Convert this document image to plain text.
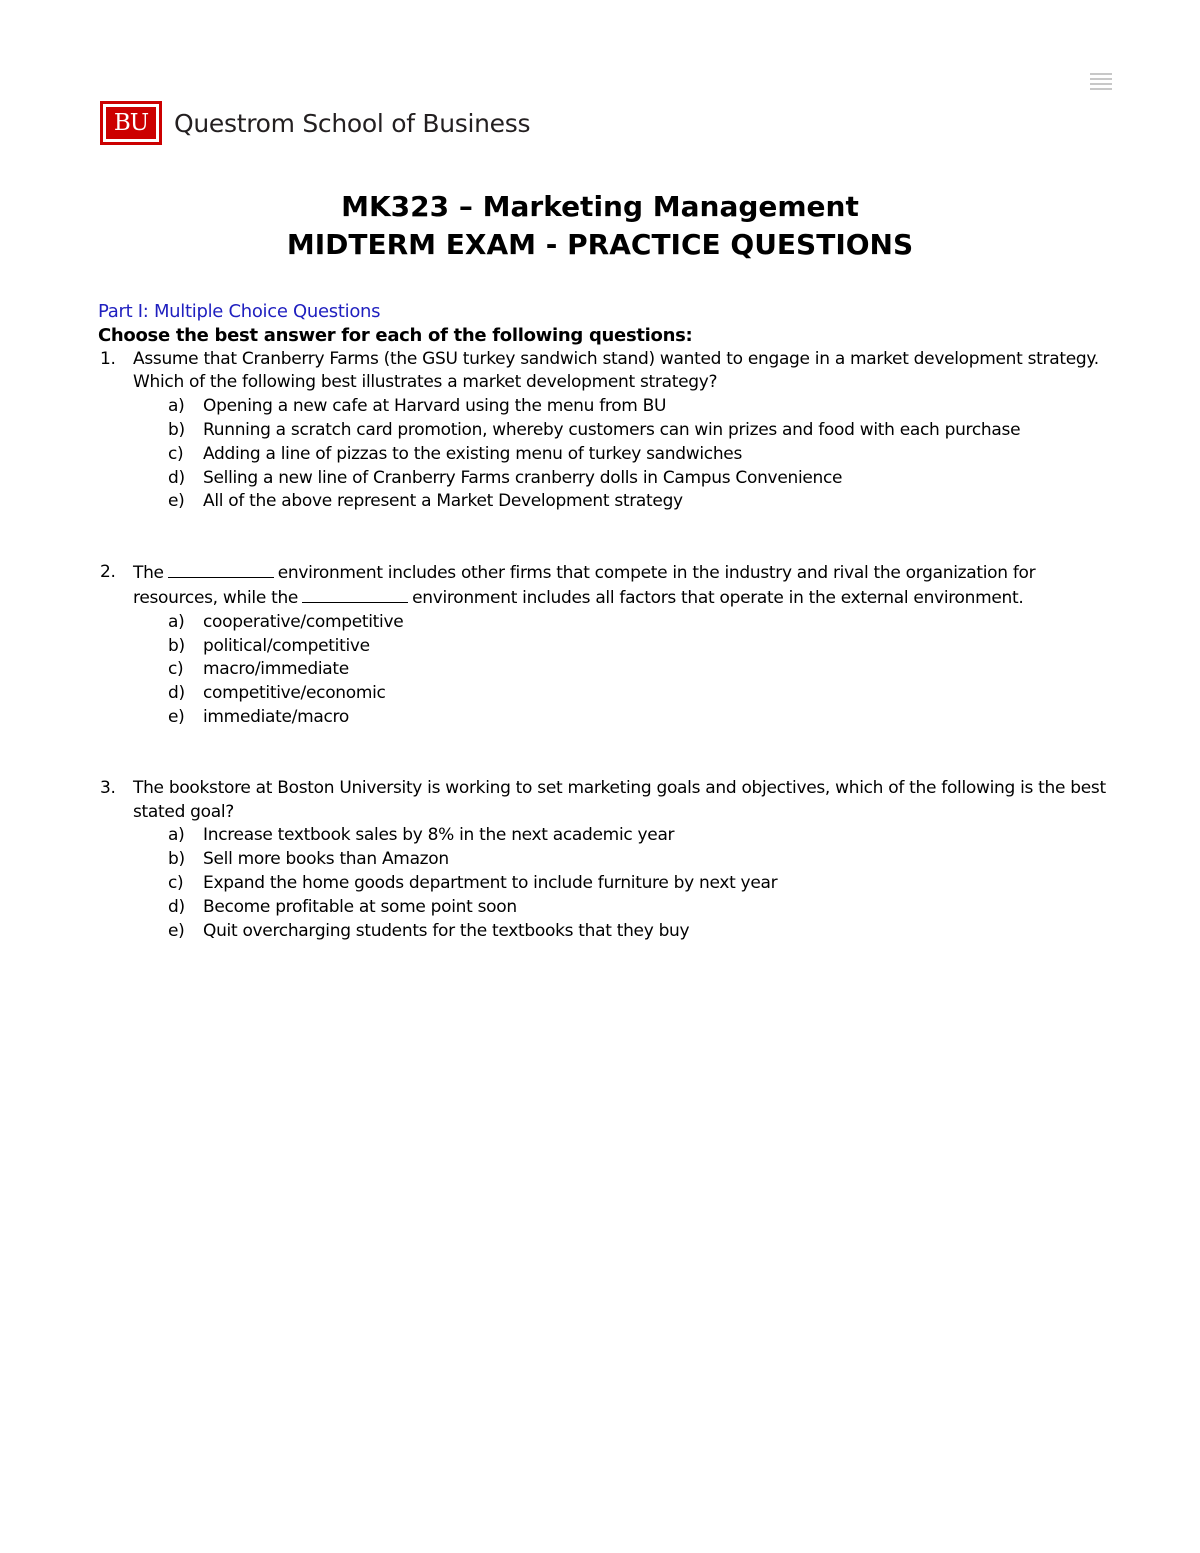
BU	Questrom School of Business
MK323 – Marketing Management
MIDTERM EXAM - PRACTICE QUESTIONS
Part I: Multiple Choice Questions
Choose the best answer for each of the following questions:
1. Assume that Cranberry Farms (the GSU turkey sandwich stand) wanted to engage in a market development strategy. Which of the following best illustrates a market development strategy?
a) Opening a new cafe at Harvard using the menu from BU
b) Running a scratch card promotion, whereby customers can win prizes and food with each purchase
c) Adding a line of pizzas to the existing menu of turkey sandwiches
d) Selling a new line of Cranberry Farms cranberry dolls in Campus Convenience
e) All of the above represent a Market Development strategy
2. The	environment includes other firms that compete in the industry and rival the organization for resources, while the	environment includes all factors that operate in the external environment.
a) cooperative/competitive
b) political/competitive
c) macro/immediate
d) competitive/economic
e) immediate/macro
3. The bookstore at Boston University is working to set marketing goals and objectives, which of the following is the best stated goal?
a) Increase textbook sales by 8% in the next academic year
b) Sell more books than Amazon
c) Expand the home goods department to include furniture by next year
d) Become profitable at some point soon
e) Quit overcharging students for the textbooks that they buy
